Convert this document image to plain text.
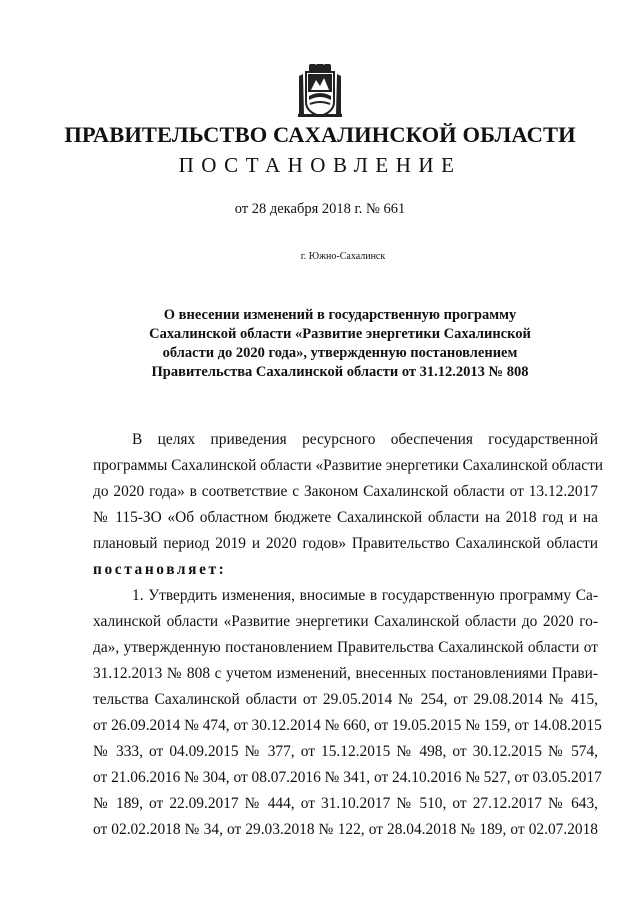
ПРАВИТЕЛЬСТВО САХАЛИНСКОЙ ОБЛАСТИ
ПОСТАНОВЛЕНИЕ
от 28 декабря 2018 г. № 661
г. Южно-Сахалинск
О внесении изменений в государственную программу
Сахалинской области «Развитие энергетики Сахалинской
области до 2020 года», утвержденную постановлением
Правительства Сахалинской области от 31.12.2013 № 808
В целях приведения ресурсного обеспечения государственной
программы Сахалинской области «Развитие энергетики Сахалинской области
до 2020 года» в соответствие с Законом Сахалинской области от 13.12.2017
№ 115-ЗО «Об областном бюджете Сахалинской области на 2018 год и на
плановый период 2019 и 2020 годов» Правительство Сахалинской области
постановляет:
1. Утвердить изменения, вносимые в государственную программу Са-
халинской области «Развитие энергетики Сахалинской области до 2020 го-
да», утвержденную постановлением Правительства Сахалинской области от
31.12.2013 № 808 с учетом изменений, внесенных постановлениями Прави-
тельства Сахалинской области от 29.05.2014 № 254, от 29.08.2014 № 415,
от 26.09.2014 № 474, от 30.12.2014 № 660, от 19.05.2015 № 159, от 14.08.2015
№ 333, от 04.09.2015 № 377, от 15.12.2015 № 498, от 30.12.2015 № 574,
от 21.06.2016 № 304, от 08.07.2016 № 341, от 24.10.2016 № 527, от 03.05.2017
№ 189, от 22.09.2017 № 444, от 31.10.2017 № 510, от 27.12.2017 № 643,
от 02.02.2018 № 34, от 29.03.2018 № 122, от 28.04.2018 № 189, от 02.07.2018
